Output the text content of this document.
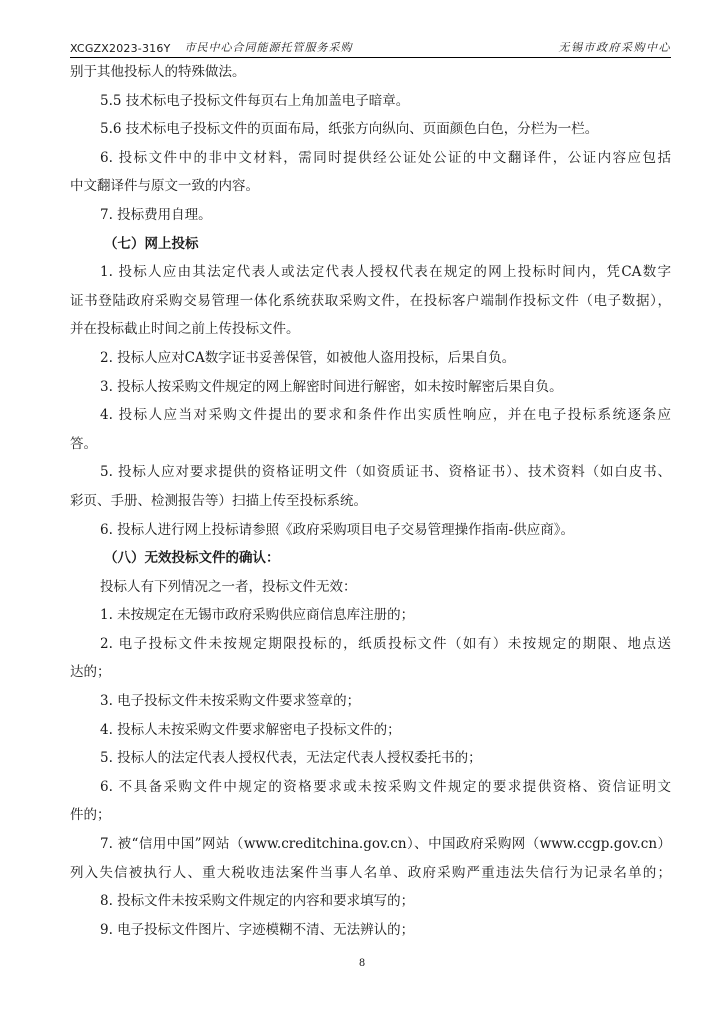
XCGZX2023-316Y 市民中心合同能源托管服务采购	无锡市政府采购中心
别于其他投标人的特殊做法。
5.5 技术标电子投标文件每页右上角加盖电子暗章。
5.6 技术标电子投标文件的页面布局，纸张方向纵向、页面颜色白色，分栏为一栏。
6. 投标文件中的非中文材料，需同时提供经公证处公证的中文翻译件，公证内容应包括
中文翻译件与原文一致的内容。
7. 投标费用自理。
（七）网上投标
1. 投标人应由其法定代表人或法定代表人授权代表在规定的网上投标时间内，凭CA数字
证书登陆政府采购交易管理一体化系统获取采购文件，在投标客户端制作投标文件（电子数据），
并在投标截止时间之前上传投标文件。
2. 投标人应对CA数字证书妥善保管，如被他人盗用投标，后果自负。
3. 投标人按采购文件规定的网上解密时间进行解密，如未按时解密后果自负。
4. 投标人应当对采购文件提出的要求和条件作出实质性响应，并在电子投标系统逐条应
答。
5. 投标人应对要求提供的资格证明文件（如资质证书、资格证书）、技术资料（如白皮书、
彩页、手册、检测报告等）扫描上传至投标系统。
6. 投标人进行网上投标请参照《政府采购项目电子交易管理操作指南-供应商》。
（八）无效投标文件的确认：
投标人有下列情况之一者，投标文件无效：
1. 未按规定在无锡市政府采购供应商信息库注册的；
2. 电子投标文件未按规定期限投标的，纸质投标文件（如有）未按规定的期限、地点送
达的；
3. 电子投标文件未按采购文件要求签章的；
4. 投标人未按采购文件要求解密电子投标文件的；
5. 投标人的法定代表人授权代表，无法定代表人授权委托书的；
6. 不具备采购文件中规定的资格要求或未按采购文件规定的要求提供资格、资信证明文
件的；
7. 被“信用中国”网站（www.creditchina.gov.cn）、中国政府采购网（www.ccgp.gov.cn）
列入失信被执行人、重大税收违法案件当事人名单、政府采购严重违法失信行为记录名单的；
8. 投标文件未按采购文件规定的内容和要求填写的；
9. 电子投标文件图片、字迹模糊不清、无法辨认的；
8
